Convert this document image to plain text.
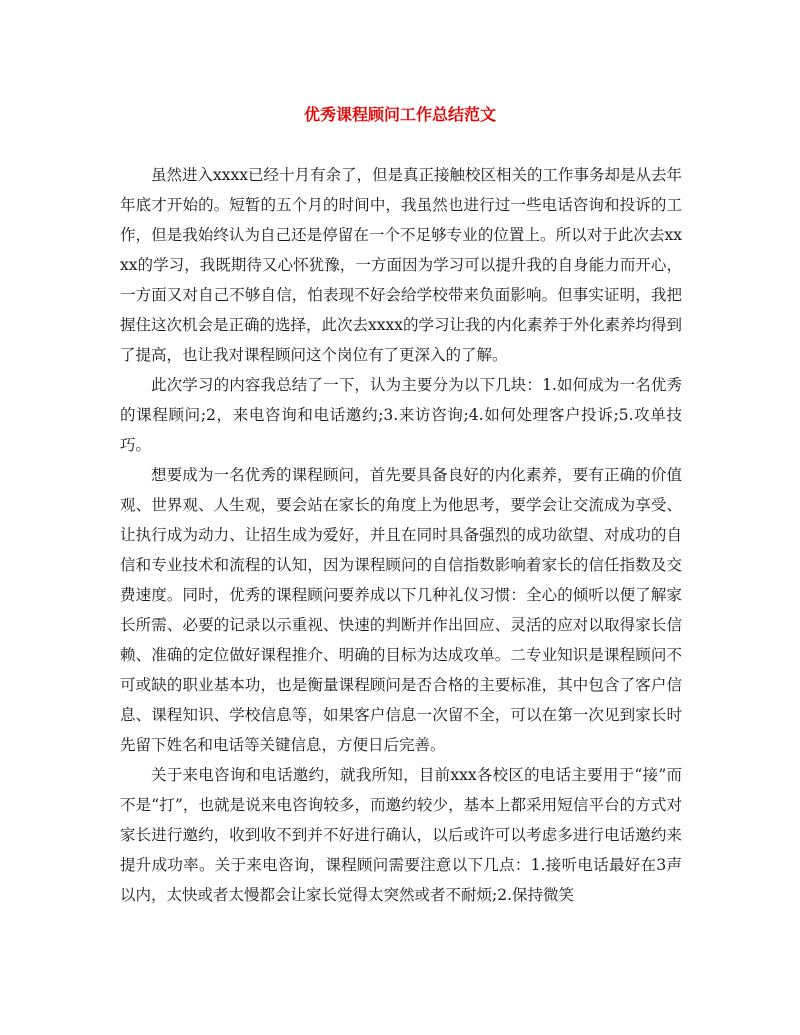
优秀课程顾问工作总结范文

虽然进入xxxx已经十月有余了，但是真正接触校区相关的工作事务却是从去年年底才开始的。短暂的五个月的时间中，我虽然也进行过一些电话咨询和投诉的工作，但是我始终认为自己还是停留在一个不足够专业的位置上。所以对于此次去xxxx的学习，我既期待又心怀犹豫，一方面因为学习可以提升我的自身能力而开心，一方面又对自己不够自信，怕表现不好会给学校带来负面影响。但事实证明，我把握住这次机会是正确的选择，此次去xxxx的学习让我的内化素养于外化素养均得到了提高，也让我对课程顾问这个岗位有了更深入的了解。

此次学习的内容我总结了一下，认为主要分为以下几块：1.如何成为一名优秀的课程顾问;2，来电咨询和电话邀约;3.来访咨询;4.如何处理客户投诉;5.攻单技巧。

想要成为一名优秀的课程顾问，首先要具备良好的内化素养，要有正确的价值观、世界观、人生观，要会站在家长的角度上为他思考，要学会让交流成为享受、让执行成为动力、让招生成为爱好，并且在同时具备强烈的成功欲望、对成功的自信和专业技术和流程的认知，因为课程顾问的自信指数影响着家长的信任指数及交费速度。同时，优秀的课程顾问要养成以下几种礼仪习惯：全心的倾听以便了解家长所需、必要的记录以示重视、快速的判断并作出回应、灵活的应对以取得家长信赖、准确的定位做好课程推介、明确的目标为达成攻单。二专业知识是课程顾问不可或缺的职业基本功，也是衡量课程顾问是否合格的主要标准，其中包含了客户信息、课程知识、学校信息等，如果客户信息一次留不全，可以在第一次见到家长时先留下姓名和电话等关键信息，方便日后完善。

关于来电咨询和电话邀约，就我所知，目前xxx各校区的电话主要用于“接”而不是“打”，也就是说来电咨询较多，而邀约较少，基本上都采用短信平台的方式对家长进行邀约，收到收不到并不好进行确认，以后或许可以考虑多进行电话邀约来提升成功率。关于来电咨询，课程顾问需要注意以下几点：1.接听电话最好在3声以内，太快或者太慢都会让家长觉得太突然或者不耐烦;2.保持微笑
